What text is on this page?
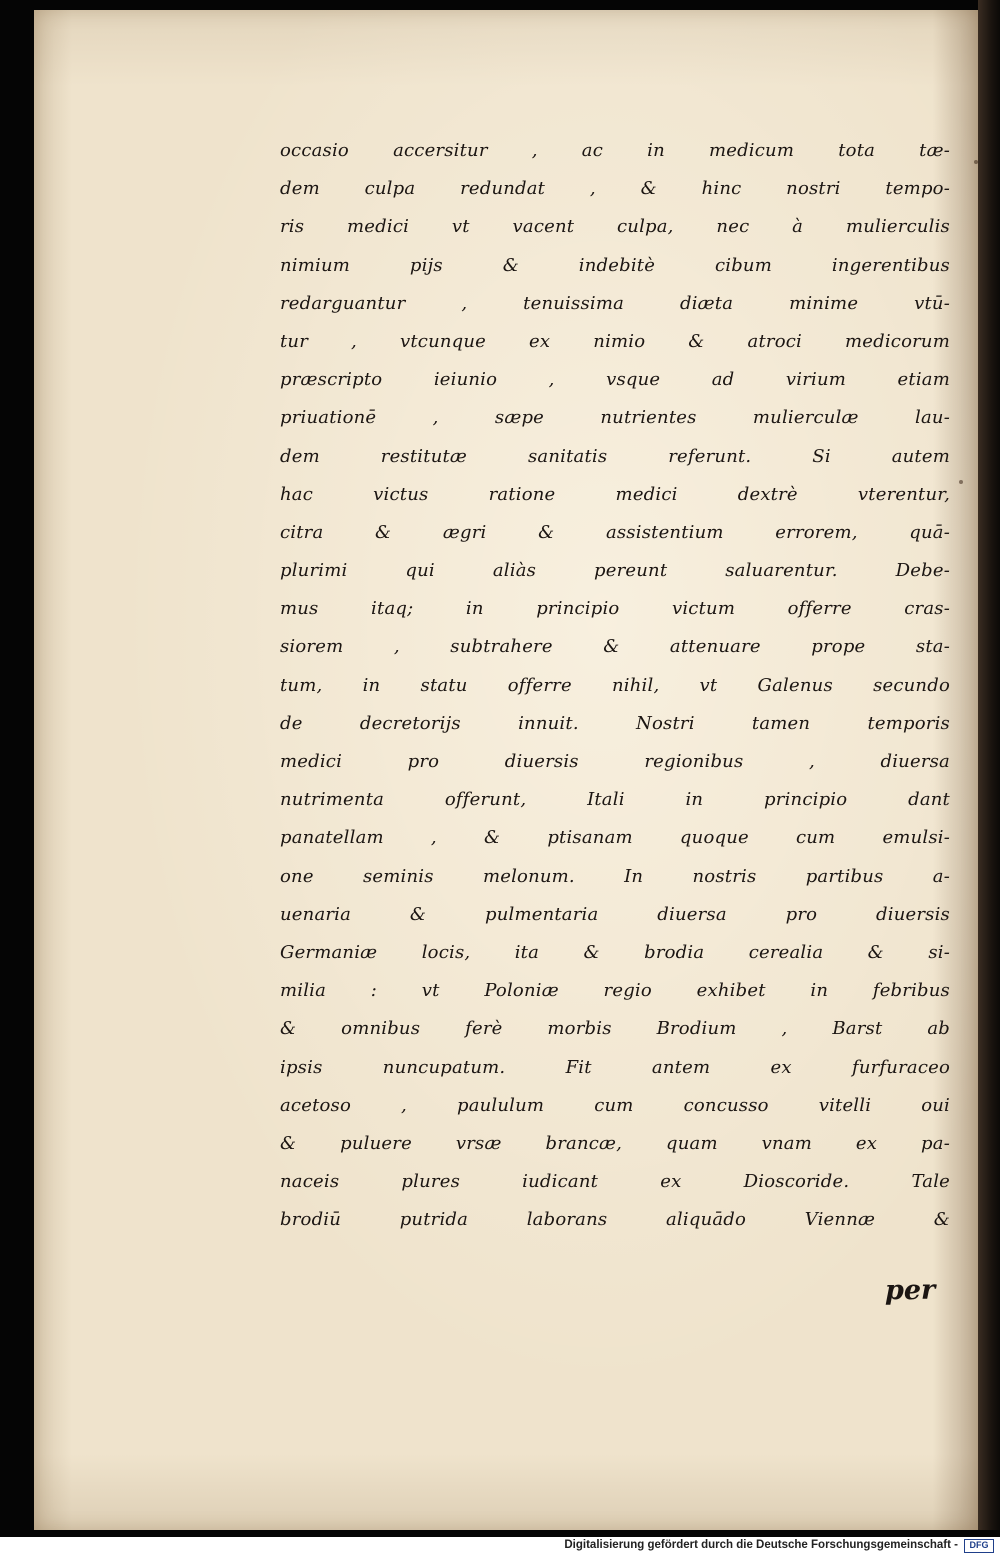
occasio accersitur , ac in medicum tota tæ-
dem culpa redundat , & hinc nostri tempo-
ris medici vt vacent culpa, nec à mulierculis
nimium pijs & indebitè cibum ingerentibus
redarguantur , tenuissima diæta minime vtū-
tur , vtcunque ex nimio & atroci medicorum
præscripto ieiunio , vsque ad virium etiam
priuationē , sæpe nutrientes mulierculæ lau-
dem restitutæ sanitatis referunt. Si autem
hac victus ratione medici dextrè vterentur,
citra & ægri & assistentium errorem, quā-
plurimi qui aliàs pereunt saluarentur. Debe-
mus itaq; in principio victum offerre cras-
siorem , subtrahere & attenuare prope sta-
tum, in statu offerre nihil, vt Galenus secundo
de decretorijs innuit. Nostri tamen temporis
medici pro diuersis regionibus , diuersa
nutrimenta offerunt, Itali in principio dant
panatellam , & ptisanam quoque cum emulsi-
one seminis melonum. In nostris partibus a-
uenaria & pulmentaria diuersa pro diuersis
Germaniæ locis, ita & brodia cerealia & si-
milia : vt Poloniæ regio exhibet in febribus
& omnibus ferè morbis Brodium , Barst ab
ipsis nuncupatum. Fit antem ex furfuraceo
acetoso , paululum cum concusso vitelli oui
& puluere vrsæ brancæ, quam vnam ex pa-
naceis plures iudicant ex Dioscoride. Tale
brodiū putrida laborans aliquādo Viennæ &
per
Digitalisierung gefördert durch die Deutsche Forschungsgemeinschaft -	DFG
